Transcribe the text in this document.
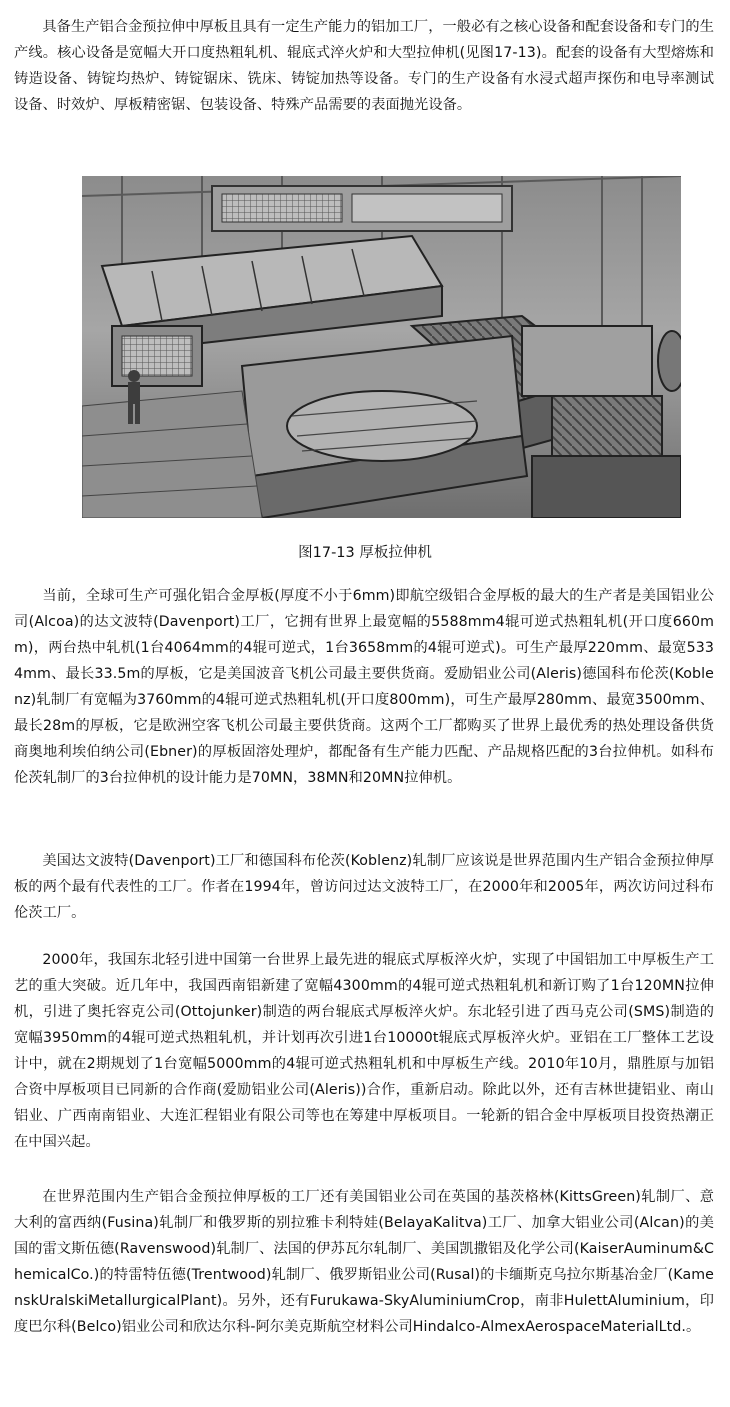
具备生产铝合金预拉伸中厚板且具有一定生产能力的铝加工厂，一般必有之核心设备和配套设备和专门的生产线。核心设备是宽幅大开口度热粗轧机、辊底式淬火炉和大型拉伸机(见图17-13)。配套的设备有大型熔炼和铸造设备、铸锭均热炉、铸锭锯床、铣床、铸锭加热等设备。专门的生产设备有水浸式超声探伤和电导率测试设备、时效炉、厚板精密锯、包装设备、特殊产品需要的表面抛光设备。

图17-13 厚板拉伸机

当前，全球可生产可强化铝合金厚板(厚度不小于6mm)即航空级铝合金厚板的最大的生产者是美国铝业公司(Alcoa)的达文波特(Davenport)工厂，它拥有世界上最宽幅的5588mm4辊可逆式热粗轧机(开口度660mm)，两台热中轧机(1台4064mm的4辊可逆式，1台3658mm的4辊可逆式)。可生产最厚220mm、最宽5334mm、最长33.5m的厚板，它是美国波音飞机公司最主要供货商。爱励铝业公司(Aleris)德国科布伦茨(Koblenz)轧制厂有宽幅为3760mm的4辊可逆式热粗轧机(开口度800mm)，可生产最厚280mm、最宽3500mm、最长28m的厚板，它是欧洲空客飞机公司最主要供货商。这两个工厂都购买了世界上最优秀的热处理设备供货商奥地利埃伯纳公司(Ebner)的厚板固溶处理炉，都配备有生产能力匹配、产品规格匹配的3台拉伸机。如科布伦茨轧制厂的3台拉伸机的设计能力是70MN，38MN和20MN拉伸机。

美国达文波特(Davenport)工厂和德国科布伦茨(Koblenz)轧制厂应该说是世界范围内生产铝合金预拉伸厚板的两个最有代表性的工厂。作者在1994年，曾访问过达文波特工厂，在2000年和2005年，两次访问过科布伦茨工厂。

2000年，我国东北轻引进中国第一台世界上最先进的辊底式厚板淬火炉，实现了中国铝加工中厚板生产工艺的重大突破。近几年中，我国西南铝新建了宽幅4300mm的4辊可逆式热粗轧机和新订购了1台120MN拉伸机，引进了奥托容克公司(Ottojunker)制造的两台辊底式厚板淬火炉。东北轻引进了西马克公司(SMS)制造的宽幅3950mm的4辊可逆式热粗轧机，并计划再次引进1台10000t辊底式厚板淬火炉。亚铝在工厂整体工艺设计中，就在2期规划了1台宽幅5000mm的4辊可逆式热粗轧机和中厚板生产线。2010年10月，鼎胜原与加铝合资中厚板项目已同新的合作商(爱励铝业公司(Aleris))合作，重新启动。除此以外，还有吉林世捷铝业、南山铝业、广西南南铝业、大连汇程铝业有限公司等也在筹建中厚板项目。一轮新的铝合金中厚板项目投资热潮正在中国兴起。

在世界范围内生产铝合金预拉伸厚板的工厂还有美国铝业公司在英国的基茨格林(KittsGreen)轧制厂、意大利的富西纳(Fusina)轧制厂和俄罗斯的别拉雅卡利特娃(BelayaKalitva)工厂、加拿大铝业公司(Alcan)的美国的雷文斯伍德(Ravenswood)轧制厂、法国的伊苏瓦尔轧制厂、美国凯撒铝及化学公司(KaiserAuminum&ChemicalCo.)的特雷特伍德(Trentwood)轧制厂、俄罗斯铝业公司(Rusal)的卡缅斯克乌拉尔斯基冶金厂(KamenskUralskiMetallurgicalPlant)。另外，还有Furukawa-SkyAluminiumCrop，南非HulettAluminium，印度巴尔科(Belco)铝业公司和欣达尔科-阿尔美克斯航空材料公司Hindalco-AlmexAerospaceMaterialLtd.。
